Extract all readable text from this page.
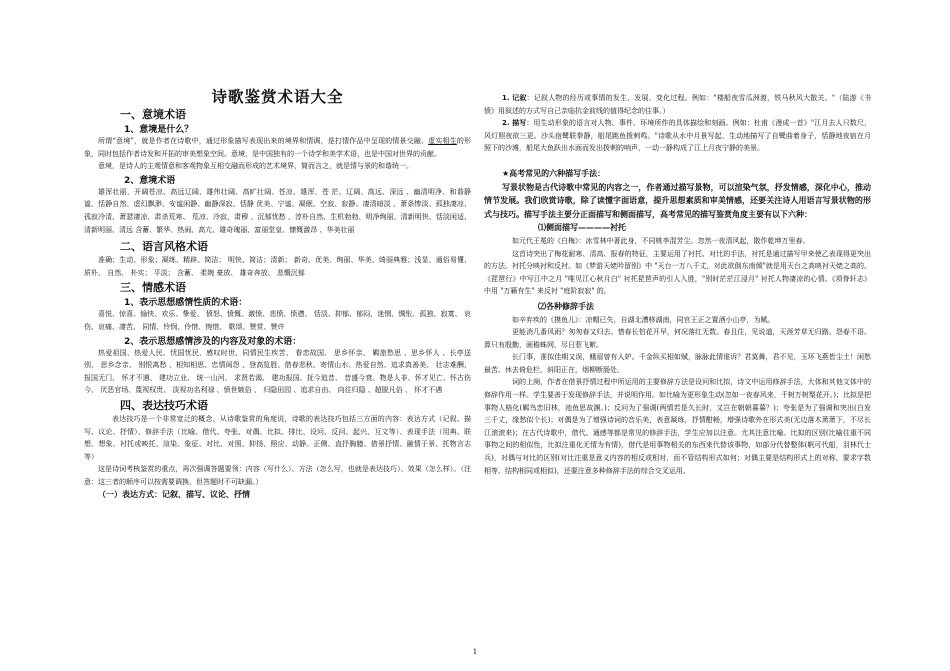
诗歌鉴赏术语大全

一、意境术语

1、意境是什么？

所谓“意境”，就是作者在诗歌中，通过形象描写表现出来的境界和情调，是打情作品中呈现的情景交融、虚实相生的形象，同时包括作者诗发和开拓的审美想象空间。意境，是中国独有的一个诗学和美学术语，也是中国对世界的贡献。

意境，是诗人的主观情意和客观物象互相交融而形成的艺术境界，简而言之，就是情与景的和谐统一。

2、意境术语

雄浑壮丽、开阔苍凉、高远辽阔、雄伟壮阔、高旷壮阔、苍凉、雄浑、苍 茫、辽阔、高远、深远 、幽清明净、和谐静谧、恬静自然、虚幻飘渺、安谧闲静、幽静深寂、恬静 优美、宁谧、凝眠、空寂、寂静、凄清暗淡 、萧条惨淡、孤独凄凉、孤寂冷清、萧瑟凄凉、肃杀荒寒、 荒凉、冷寂、肃穆 、沉郁忧愁 、淳朴自然、生机勃勃、明净绚丽、清新明快、恬淡闲适、清新明丽、清远 含蓄、繁华、热闹、高亢、雄奇瑰丽、富丽堂皇、慷慨激昂 、华美壮丽

二、语言风格术语

准确；生动、形象；凝练、精辟、简洁； 明快、简洁；清新； 新奇、优美、绚丽、华美、绮丽典雅；浅显、通俗易懂、 质朴、 自然、 朴实； 平淡； 含蓄、 柔婉 豪放、 雄奇奔放、 悲慨沉郁

三、情感术语

1、表示思想感情性质的术语：

喜悦、惊喜、愉快、欢乐、挚爱、 愤怒、愤慨、激愤、悲愤、愤懑、 恬淡、抑郁、郁闷、迷惘、惆怅、孤独、寂寞、 哀伤、哀痛、凄苦、 同情、怜悯、伶惜、惋惜、 歌颂、赞赏、赞许

2、表示思想感情涉及的内容及对象的术语：

热爱祖国、热爱人民、忧国忧民、感叹时世、同情民生疾苦、 眷恋故国、 思乡怀亲、 羁旅愁思 、思乡怀人 、长亭送别、 思乡念亲、 别恨离愁 、相知相思、忠情闺怨 、登高览胜、借春悲秋、寄情山水、热爱自然、追求真善美、 壮志难酬、 报国无门、 怀才不遇、 建功立业、 统一山河、 求贤若渴、 建功报国、抚今追昔、 昔盛今衰、物是人非、怀才见亡、怀古伤今、 厌恶官场、蔑视权贵、 淡视功名利禄 、愤世嫉俗 、 归隐田园 、追求自由、 向往归隐 、超脱凡俗 、 怀才不遇

四、表达技巧术语

表达技巧是一个非常宽泛的概念，从诗歌鉴赏的角度说，诗歌的表达技巧包括三方面的内容：表达方式（记叙、描写、议论、抒情）、修辞手法（比喻、借代、夸张、对偶、比拟、排比、设问、反问、起兴、互文等）、表现手法（用典、联想、想象、衬托或映托、渲染、象征、对比、对照、抑扬、照应、动静、正侧、直抒胸臆、借景抒情、融情于景、托物言志等）

这是诗词考核鉴赏的重点，再次强调答题要领：内容（写什么）、方法（怎么写，也就是表达技巧）、效果（怎么样）。（注意：这三者的顺序可以按需要调换，但答题时不可缺漏。）

（一）表达方式：记叙、描写、议论、抒情

1. 记叙：记叙人物的经历或事情的发生、发展、变化过程。例如："楼船夜雪瓜洲渡，铁马秋风大散关。"（陆游《书愤》用叙述的方式写自己亲临抗金前线的值得纪念的往事。）

2. 描写：用生动形象的语言对人物、事件、环境所作的具体描绘和刻画。例如：杜甫《漫成一首》"江月去人只数尺，风灯照夜欲三更。沙头宿鹭联拳静，船尾跳鱼拨剌鸣。"诗歌从水中月景写起，生动地描写了自鹭曲着身子，恬静地夜宿在月照下的沙滩，船尾大鱼跃出水面而发出拨剌的响声，一动一静构成了江上月夜宁静的美景。

★高考常见的六种描写手法：

写景状物是古代诗歌中常见的内容之一，作者通过描写景物，可以渲染气氛，抒发情感，深化中心，推动情节发展。我们欣赏诗歌，除了读懂字面语意，提升思想素质和审美情感，还要关注诗人用语言写景状物的形式与技巧。描写手法主要分正面描写和侧面描写，高考常见的描写鉴赏角度主要有以下六种：

⑴侧面描写————衬托

如元代王冕的《白梅》：冰雪林中著此身，不同桃李混芳尘。忽然一夜清风起，散作乾坤万里春。

这首诗突出了梅花耐寒、清高、报春的特征，主要运用了衬托、对比的手法，衬托是通过描写甲来使乙表现得更突出的方法。衬托分映衬和反衬。如《梦游天姥吟留别》中 "天台一万八千丈，对此欲倒东南倾"就是用天台之高映衬天姥之高的。《琵琶行》中写江中之月 "唯见江心秋月白" 衬托琵琶声的引人入胜，"别时茫茫江浸月" 衬托人物凄凉的心情。《项脊轩志》中用 "万籁有生" 来反衬 "庭阶寂寂" 的。

⑵各种修辞手法

如辛弃疾的《摸鱼儿》：凉帽已失，自湖北漕移湖南，同官王正之置酒小山亭，为赋。

更能消几番风雨？匆匆春又归去。惜春长怕花开早，何况落红无数。春且住，见说道，天涯芳草无归路。怨春不语。算只有殷勤，画檐蛛网，尽日惹飞絮。

长门事，准拟佳期又误，蛾眉曾有人妒。千金纵买相如赋，脉脉此情谁诉？君莫舞，君不见，玉环飞燕皆尘土！闲愁最苦。休去倚危栏，斜阳正在，烟柳断肠处。

词的上阕，作者在借景抒情过程中所运用的主要修辞方法是设问和比拟，诗文中运用修辞手法，大体和其他文体中的修辞作用一样。学生要善于发现修辞手法，并说明作用。如比喻为更形象生动(忽如一夜春风来，千树万树梨花开。)；比拟是把事物人格化(羁鸟恋旧林，池鱼思故渊。)；反问为了强调(两情若是久长时，又岂在朝朝暮暮？)；夸张是为了强调和突出(白发三千丈，缘愁似个长)；对偶是为了增强诗词的音乐美，表意凝练，抒情酣畅，增强诗歌外在形式美(无边落木萧萧下，不尽长江滚滚来)；在古代诗歌中，借代、通感等都是常见的修辞手法，学生应加以注意。尤其注意比喻、比拟的区别(比喻往重不同事物之间的相似性，比拟注重化无情为有情)，借代是用事物相关的东西来代替该事物，如部分代替整体(帆可代船，羽林代士兵)，对偶与对比的区别(对比注重是意义内容的相反或相对，而不管结构形式如何；对偶主要是结构形式上的对称，要求字数相等、结构相同或相似)，还要注意多种修辞手法的综合交叉运用。

1
